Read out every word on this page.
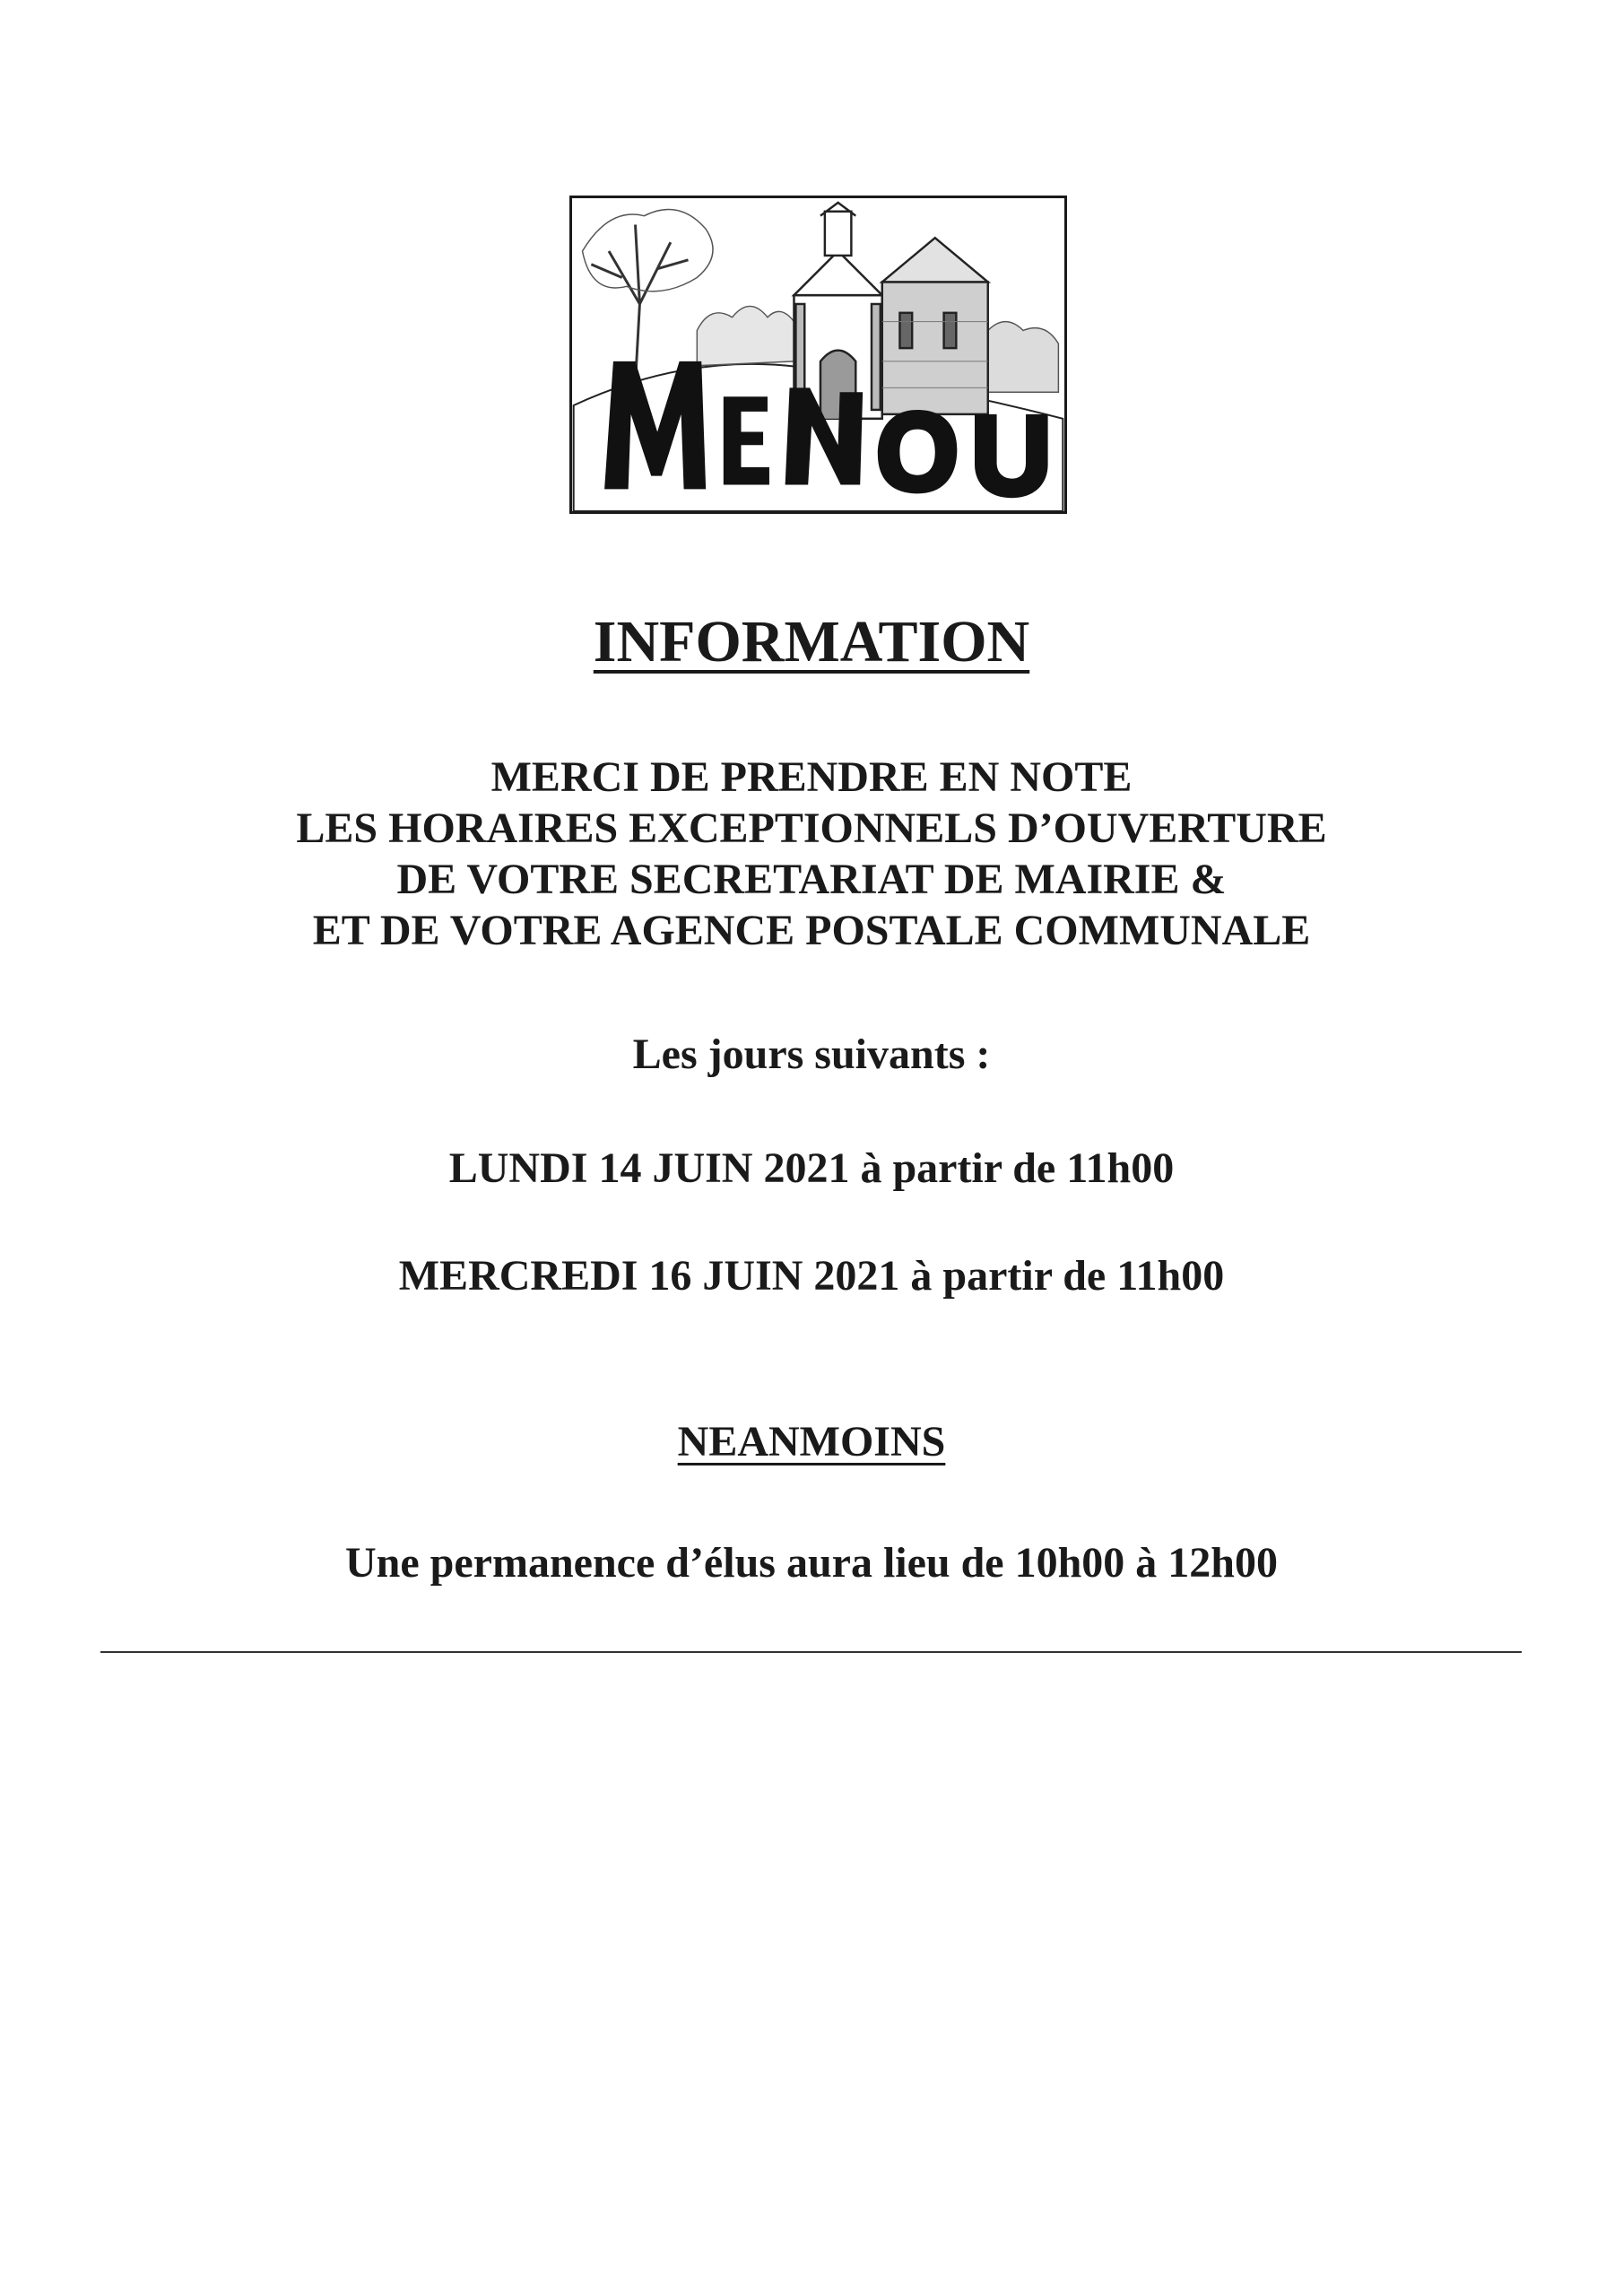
INFORMATION
MERCI DE PRENDRE EN NOTE
LES HORAIRES EXCEPTIONNELS D’OUVERTURE
DE VOTRE SECRETARIAT DE MAIRIE &
ET DE VOTRE AGENCE POSTALE COMMUNALE
Les jours suivants :
LUNDI 14 JUIN 2021 à partir de 11h00
MERCREDI 16 JUIN 2021 à partir de 11h00
NEANMOINS
Une permanence d’élus aura lieu de 10h00 à 12h00
